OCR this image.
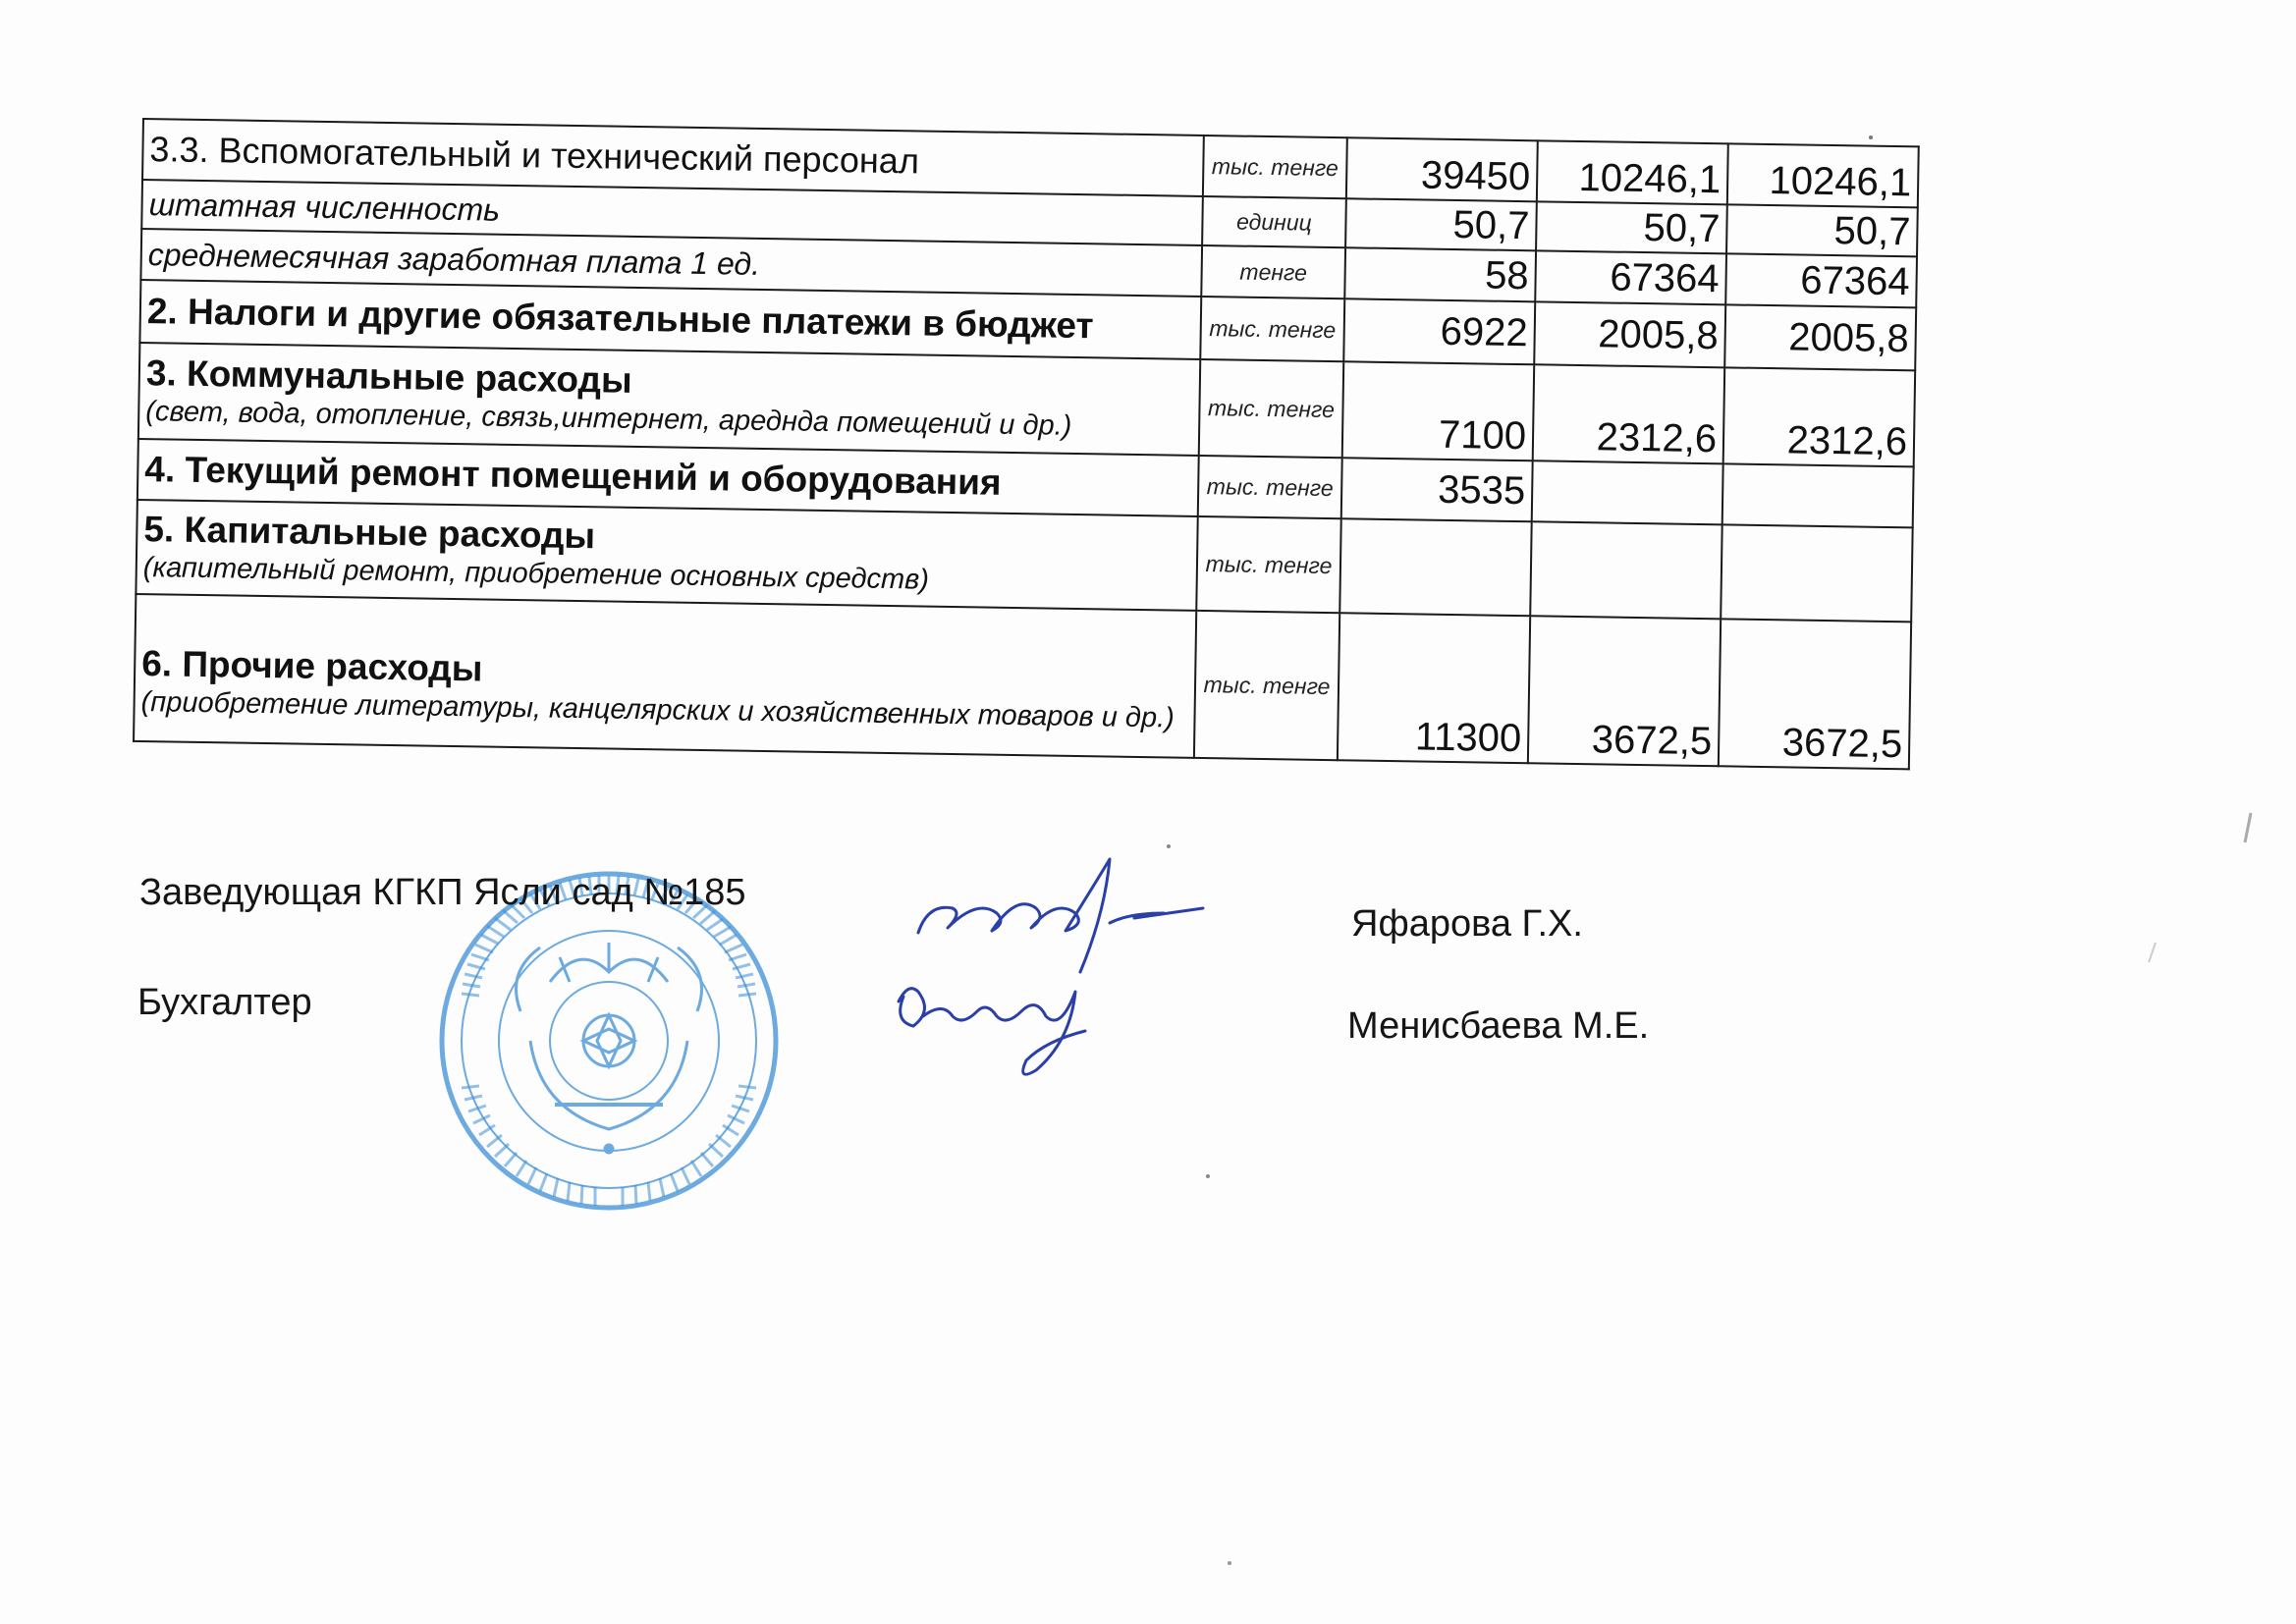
3.3. Вспомогательный и технический персонал	тыс. тенге	39450	10246,1	10246,1
штатная численность	единиц	50,7	50,7	50,7
среднемесячная заработная плата 1 ед.	тенге	58	67364	67364
2. Налоги и другие обязательные платежи в бюджет	тыс. тенге	6922	2005,8	2005,8
3. Коммунальные расходы
(свет, вода, отопление, связь,интернет, аредндa помещений и др.)	тыс. тенге	7100	2312,6	2312,6
4. Текущий ремонт помещений и оборудования	тыс. тенге	3535		
5. Капитальные расходы
(капительный ремонт, приобретение основных средств)	тыс. тенге			
6. Прочие расходы
(приобретение литературы, канцелярских и хозяйственных товаров и др.)	тыс. тенге	11300	3672,5	3672,5
Заведующая КГКП Ясли сад №185
Бухгалтер
Яфарова Г.Х.
Менисбаева М.Е.
